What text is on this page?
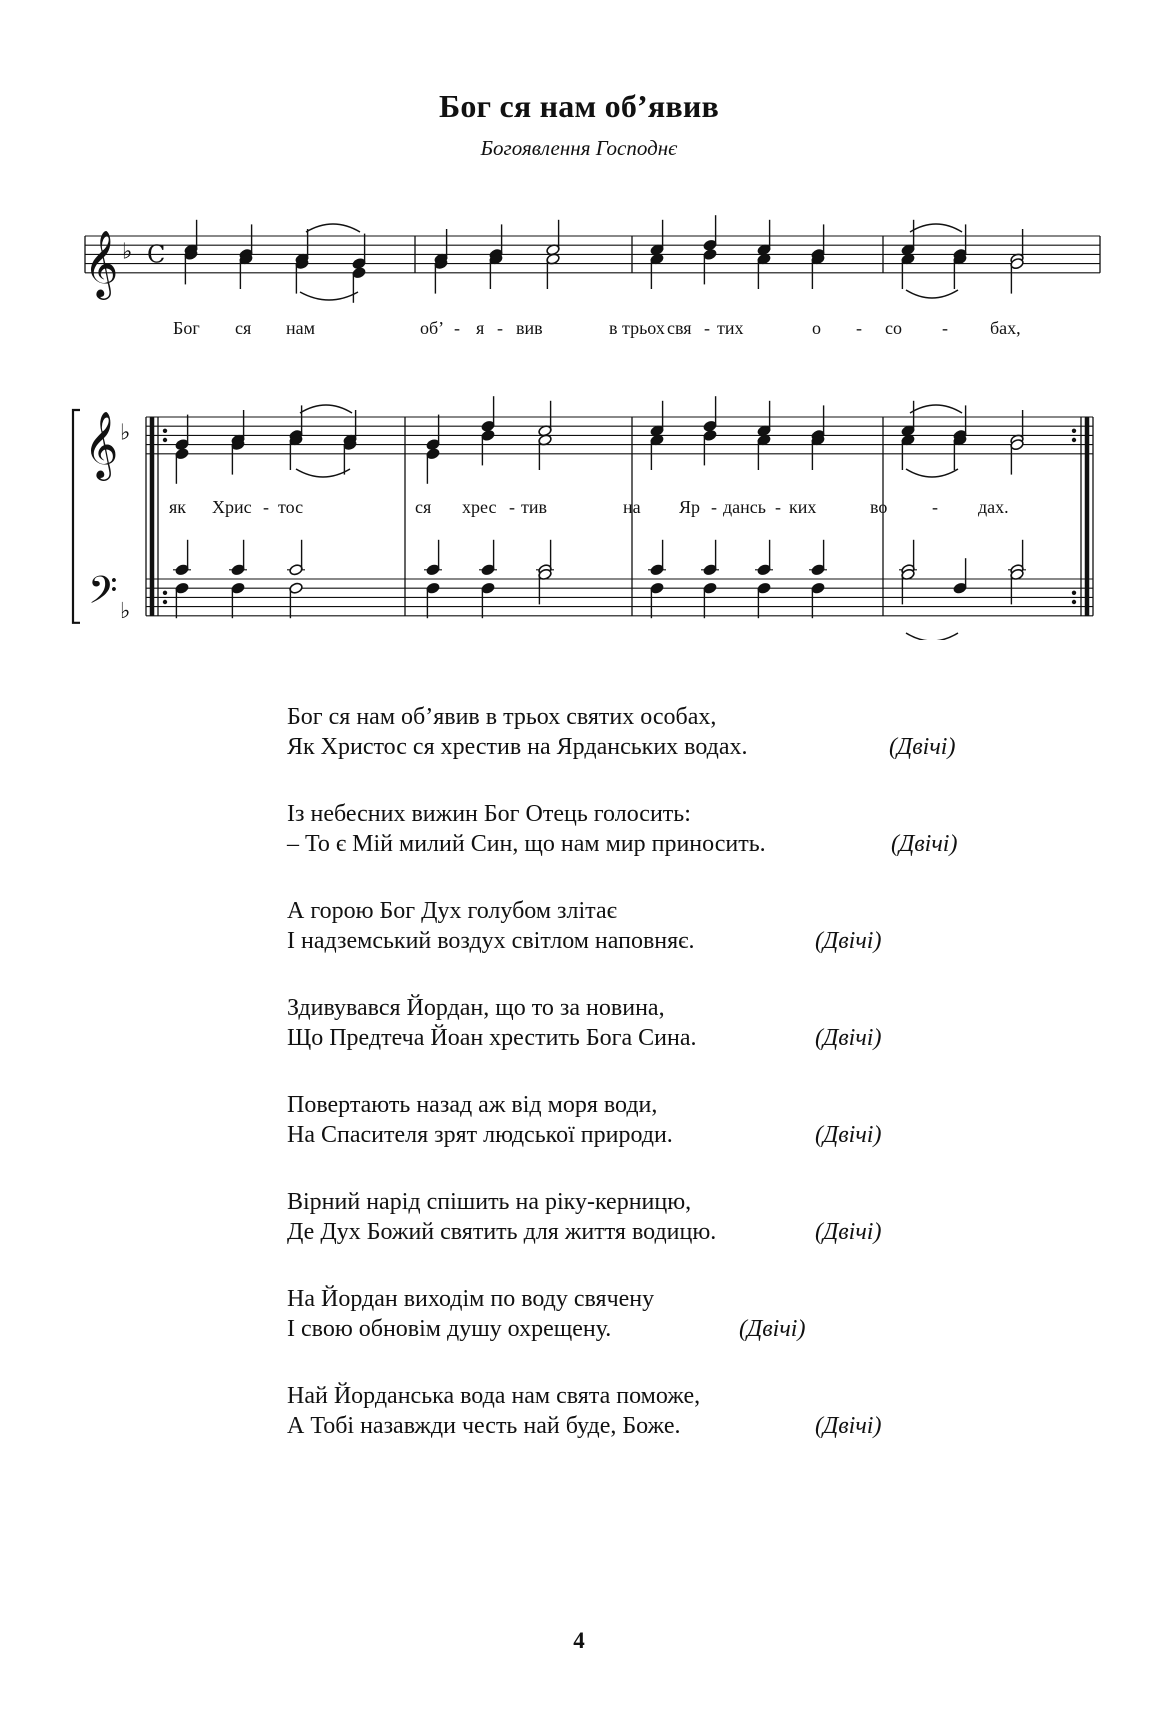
Бог ся нам об’явив
Богоявлення Господнє
𝄞 ♭ C
𝄞 ♭
𝄢 ♭
Бог ся нам	об’ - я - вив	в трьох свя - тих	о - со - бах,
як Хрис - тос	ся хрес - тив	на Яр - дансь - ких	во - дах.
Бог ся нам об’явив в трьох святих особах,
Як Христос ся хрестив на Ярданських водах.	(Двічі)
Із небесних вижин Бог Отець голосить:
– То є Мій милий Син, що нам мир приносить.	(Двічі)
А горою Бог Дух голубом злітає
І надземський воздух світлом наповняє.	(Двічі)
Здивувався Йордан, що то за новина,
Що Предтеча Йоан хрестить Бога Сина.	(Двічі)
Повертають назад аж від моря води,
На Спасителя зрят людської природи.	(Двічі)
Вірний нарід спішить на ріку-керницю,
Де Дух Божий святить для життя водицю.	(Двічі)
На Йордан виходім по воду свячену
І свою обновім душу охрещену.	(Двічі)
Най Йорданська вода нам свята поможе,
А Тобі назавжди честь най буде, Боже.	(Двічі)
4
